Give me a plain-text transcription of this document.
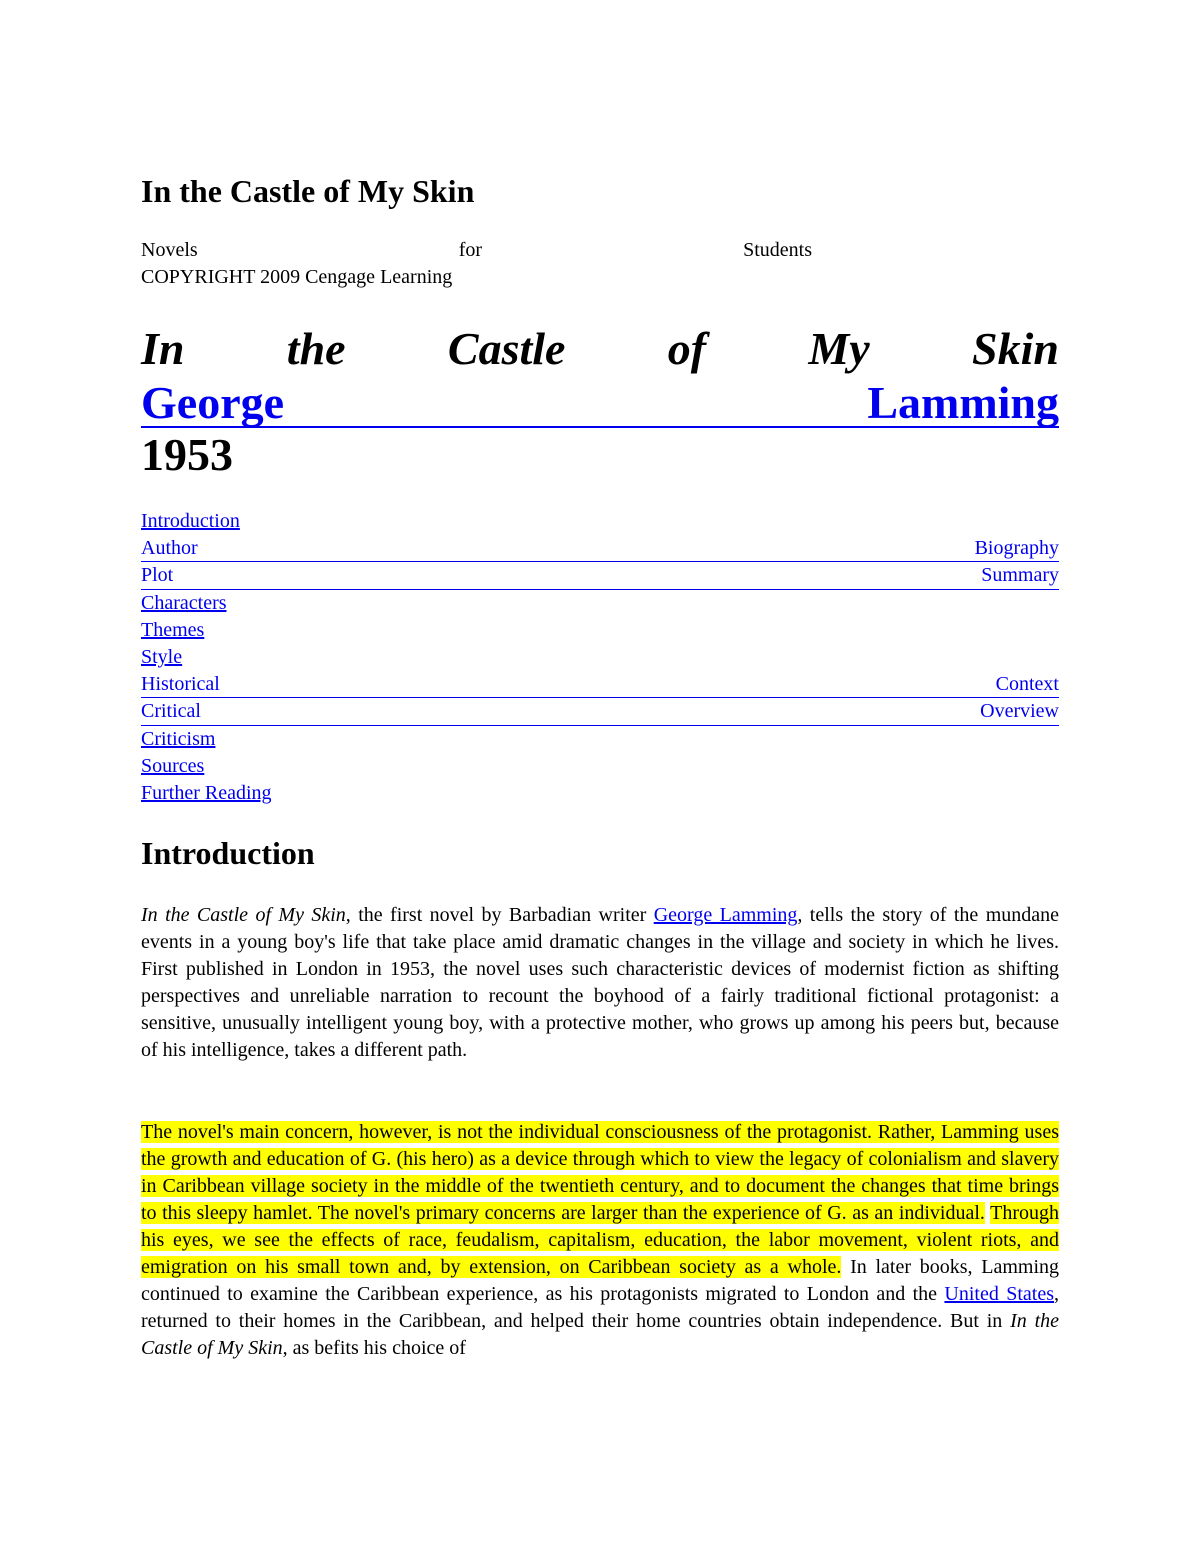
In the Castle of My Skin
Novels	for	Students
COPYRIGHT 2009 Cengage Learning
In the Castle of My Skin
George	Lamming
1953
Introduction
Author	Biography
Plot	Summary
Characters
Themes
Style
Historical	Context
Critical	Overview
Criticism
Sources
Further Reading
Introduction

In the Castle of My Skin, the first novel by Barbadian writer George Lamming, tells the story of the mundane events in a young boy's life that take place amid dramatic changes in the village and society in which he lives. First published in London in 1953, the novel uses such characteristic devices of modernist fiction as shifting perspectives and unreliable narration to recount the boyhood of a fairly traditional fictional protagonist: a sensitive, unusually intelligent young boy, with a protective mother, who grows up among his peers but, because of his intelligence, takes a different path.

The novel's main concern, however, is not the individual consciousness of the protagonist. Rather, Lamming uses the growth and education of G. (his hero) as a device through which to view the legacy of colonialism and slavery in Caribbean village society in the middle of the twentieth century, and to document the changes that time brings to this sleepy hamlet. The novel's primary concerns are larger than the experience of G. as an individual. Through his eyes, we see the effects of race, feudalism, capitalism, education, the labor movement, violent riots, and emigration on his small town and, by extension, on Caribbean society as a whole. In later books, Lamming continued to examine the Caribbean experience, as his protagonists migrated to London and the United States, returned to their homes in the Caribbean, and helped their home countries obtain independence. But in In the Castle of My Skin, as befits his choice of
